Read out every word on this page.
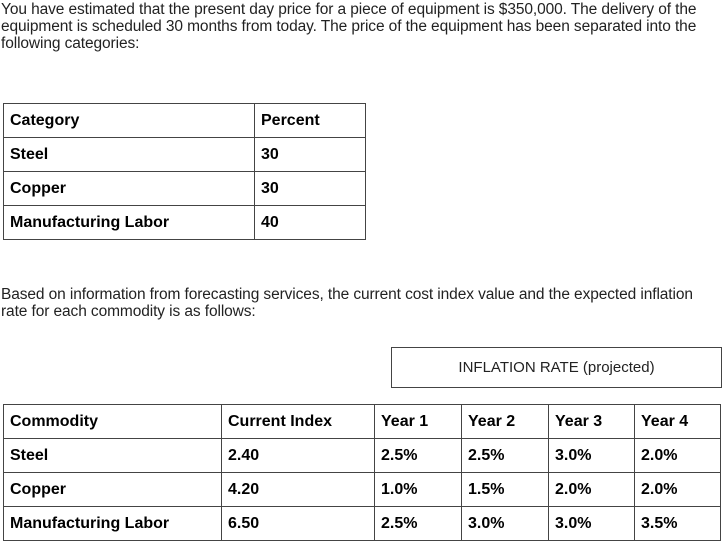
You have estimated that the present day price for a piece of equipment is $350,000. The delivery of the equipment is scheduled 30 months from today. The price of the equipment has been separated into the following categories:

Category	Percent
Steel	30
Copper	30
Manufacturing Labor	40

Based on information from forecasting services, the current cost index value and the expected inflation rate for each commodity is as follows:

INFLATION RATE (projected)
Commodity	Current Index	Year 1	Year 2	Year 3	Year 4
Steel	2.40	2.5%	2.5%	3.0%	2.0%
Copper	4.20	1.0%	1.5%	2.0%	2.0%
Manufacturing Labor	6.50	2.5%	3.0%	3.0%	3.5%
